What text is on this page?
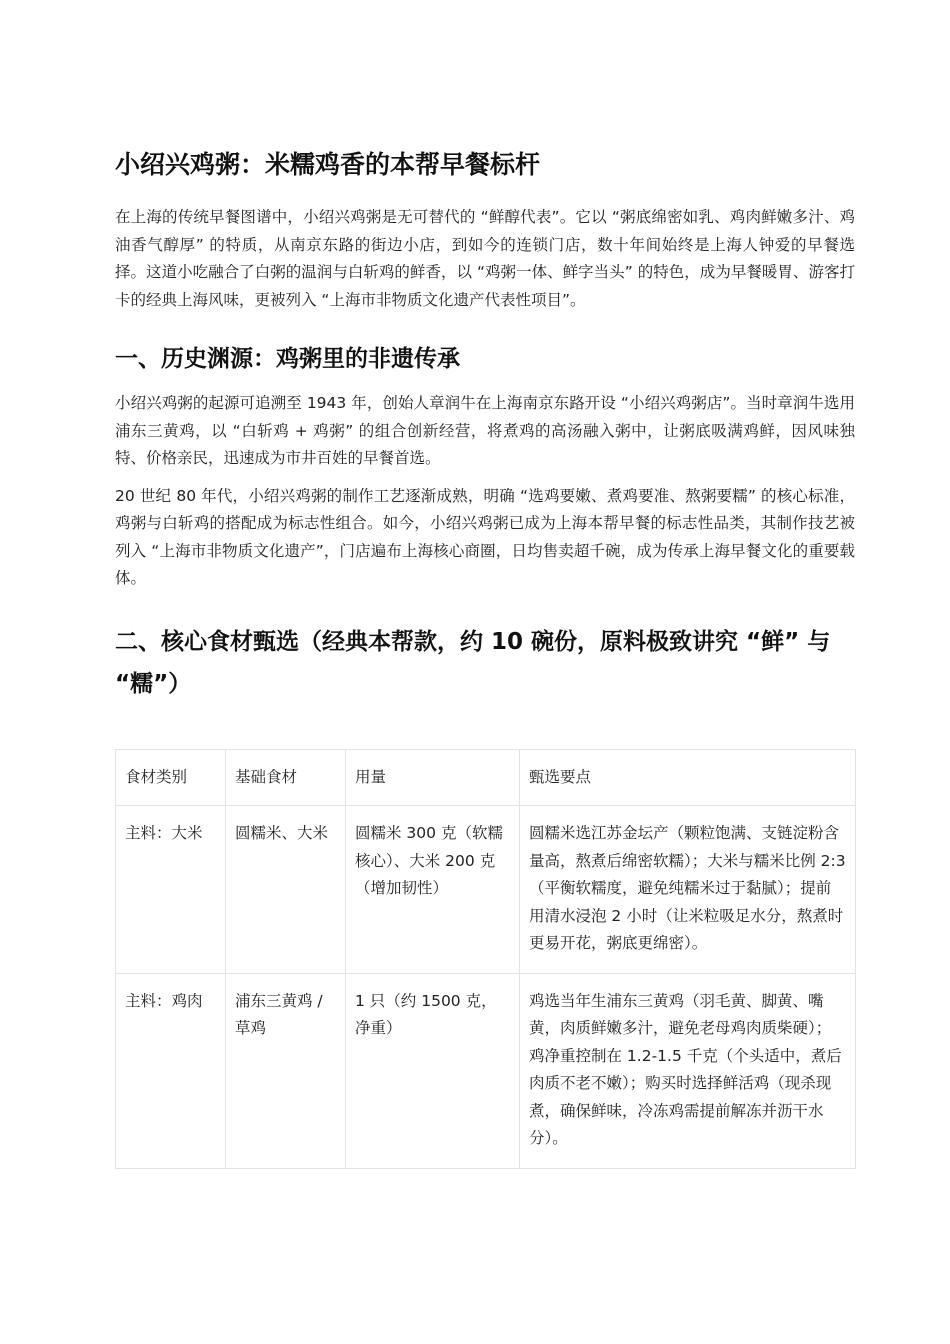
小绍兴鸡粥：米糯鸡香的本帮早餐标杆

在上海的传统早餐图谱中，小绍兴鸡粥是无可替代的 “鲜醇代表”。它以 “粥底绵密如乳、鸡肉鲜嫩多汁、鸡油香气醇厚” 的特质，从南京东路的街边小店，到如今的连锁门店，数十年间始终是上海人钟爱的早餐选择。这道小吃融合了白粥的温润与白斩鸡的鲜香，以 “鸡粥一体、鲜字当头” 的特色，成为早餐暖胃、游客打卡的经典上海风味，更被列入 “上海市非物质文化遗产代表性项目”。

一、历史渊源：鸡粥里的非遗传承

小绍兴鸡粥的起源可追溯至 1943 年，创始人章润牛在上海南京东路开设 “小绍兴鸡粥店”。当时章润牛选用浦东三黄鸡，以 “白斩鸡 + 鸡粥” 的组合创新经营，将煮鸡的高汤融入粥中，让粥底吸满鸡鲜，因风味独特、价格亲民，迅速成为市井百姓的早餐首选。

20 世纪 80 年代，小绍兴鸡粥的制作工艺逐渐成熟，明确 “选鸡要嫩、煮鸡要准、熬粥要糯” 的核心标准，鸡粥与白斩鸡的搭配成为标志性组合。如今，小绍兴鸡粥已成为上海本帮早餐的标志性品类，其制作技艺被列入 “上海市非物质文化遗产”，门店遍布上海核心商圈，日均售卖超千碗，成为传承上海早餐文化的重要载体。

二、核心食材甄选（经典本帮款，约 10 碗份，原料极致讲究 “鲜” 与 “糯”）
食材类别	基础食材	用量	甄选要点
主料：大米	圆糯米、大米	圆糯米 300 克（软糯核心）、大米 200 克（增加韧性）	圆糯米选江苏金坛产（颗粒饱满、支链淀粉含量高，熬煮后绵密软糯）；大米与糯米比例 2:3（平衡软糯度，避免纯糯米过于黏腻）；提前用清水浸泡 2 小时（让米粒吸足水分，熬煮时更易开花，粥底更绵密）。
主料：鸡肉	浦东三黄鸡 / 草鸡	1 只（约 1500 克，净重）	鸡选当年生浦东三黄鸡（羽毛黄、脚黄、嘴黄，肉质鲜嫩多汁，避免老母鸡肉质柴硬）；鸡净重控制在 1.2-1.5 千克（个头适中，煮后肉质不老不嫩）；购买时选择鲜活鸡（现杀现煮，确保鲜味，冷冻鸡需提前解冻并沥干水分）。
